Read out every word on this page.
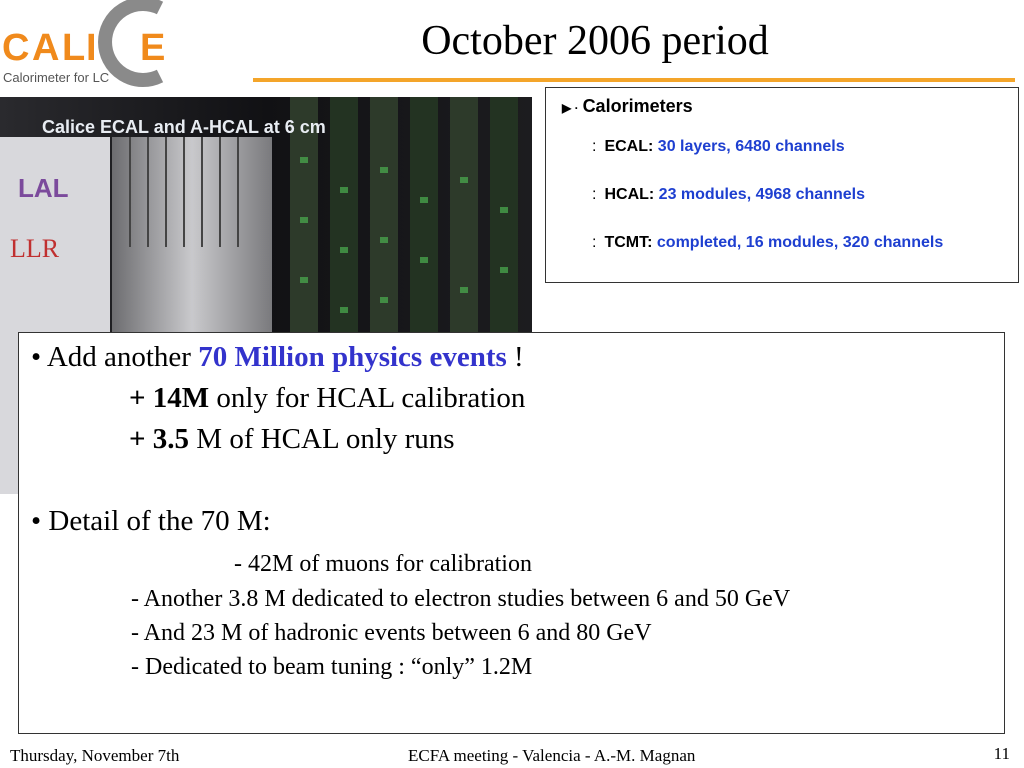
C A L I E
Calorimeter for LC
October 2006 period
LAL
LLR
Calice ECAL and A-HCAL at 6 cm
▶ · Calorimeters
: ECAL: 30 layers, 6480 channels
: HCAL: 23 modules, 4968 channels
: TCMT: completed, 16 modules, 320 channels
• Add another 70 Million physics events !
+ 14M only for HCAL calibration
+ 3.5 M of HCAL only runs
• Detail of the 70 M:
- 42M of muons for calibration
- Another 3.8 M dedicated to electron studies between 6 and 50 GeV
- And 23 M of hadronic events between 6 and 80 GeV
- Dedicated to beam tuning : “only” 1.2M
Thursday, November 7th	ECFA meeting - Valencia - A.-M. Magnan	11
